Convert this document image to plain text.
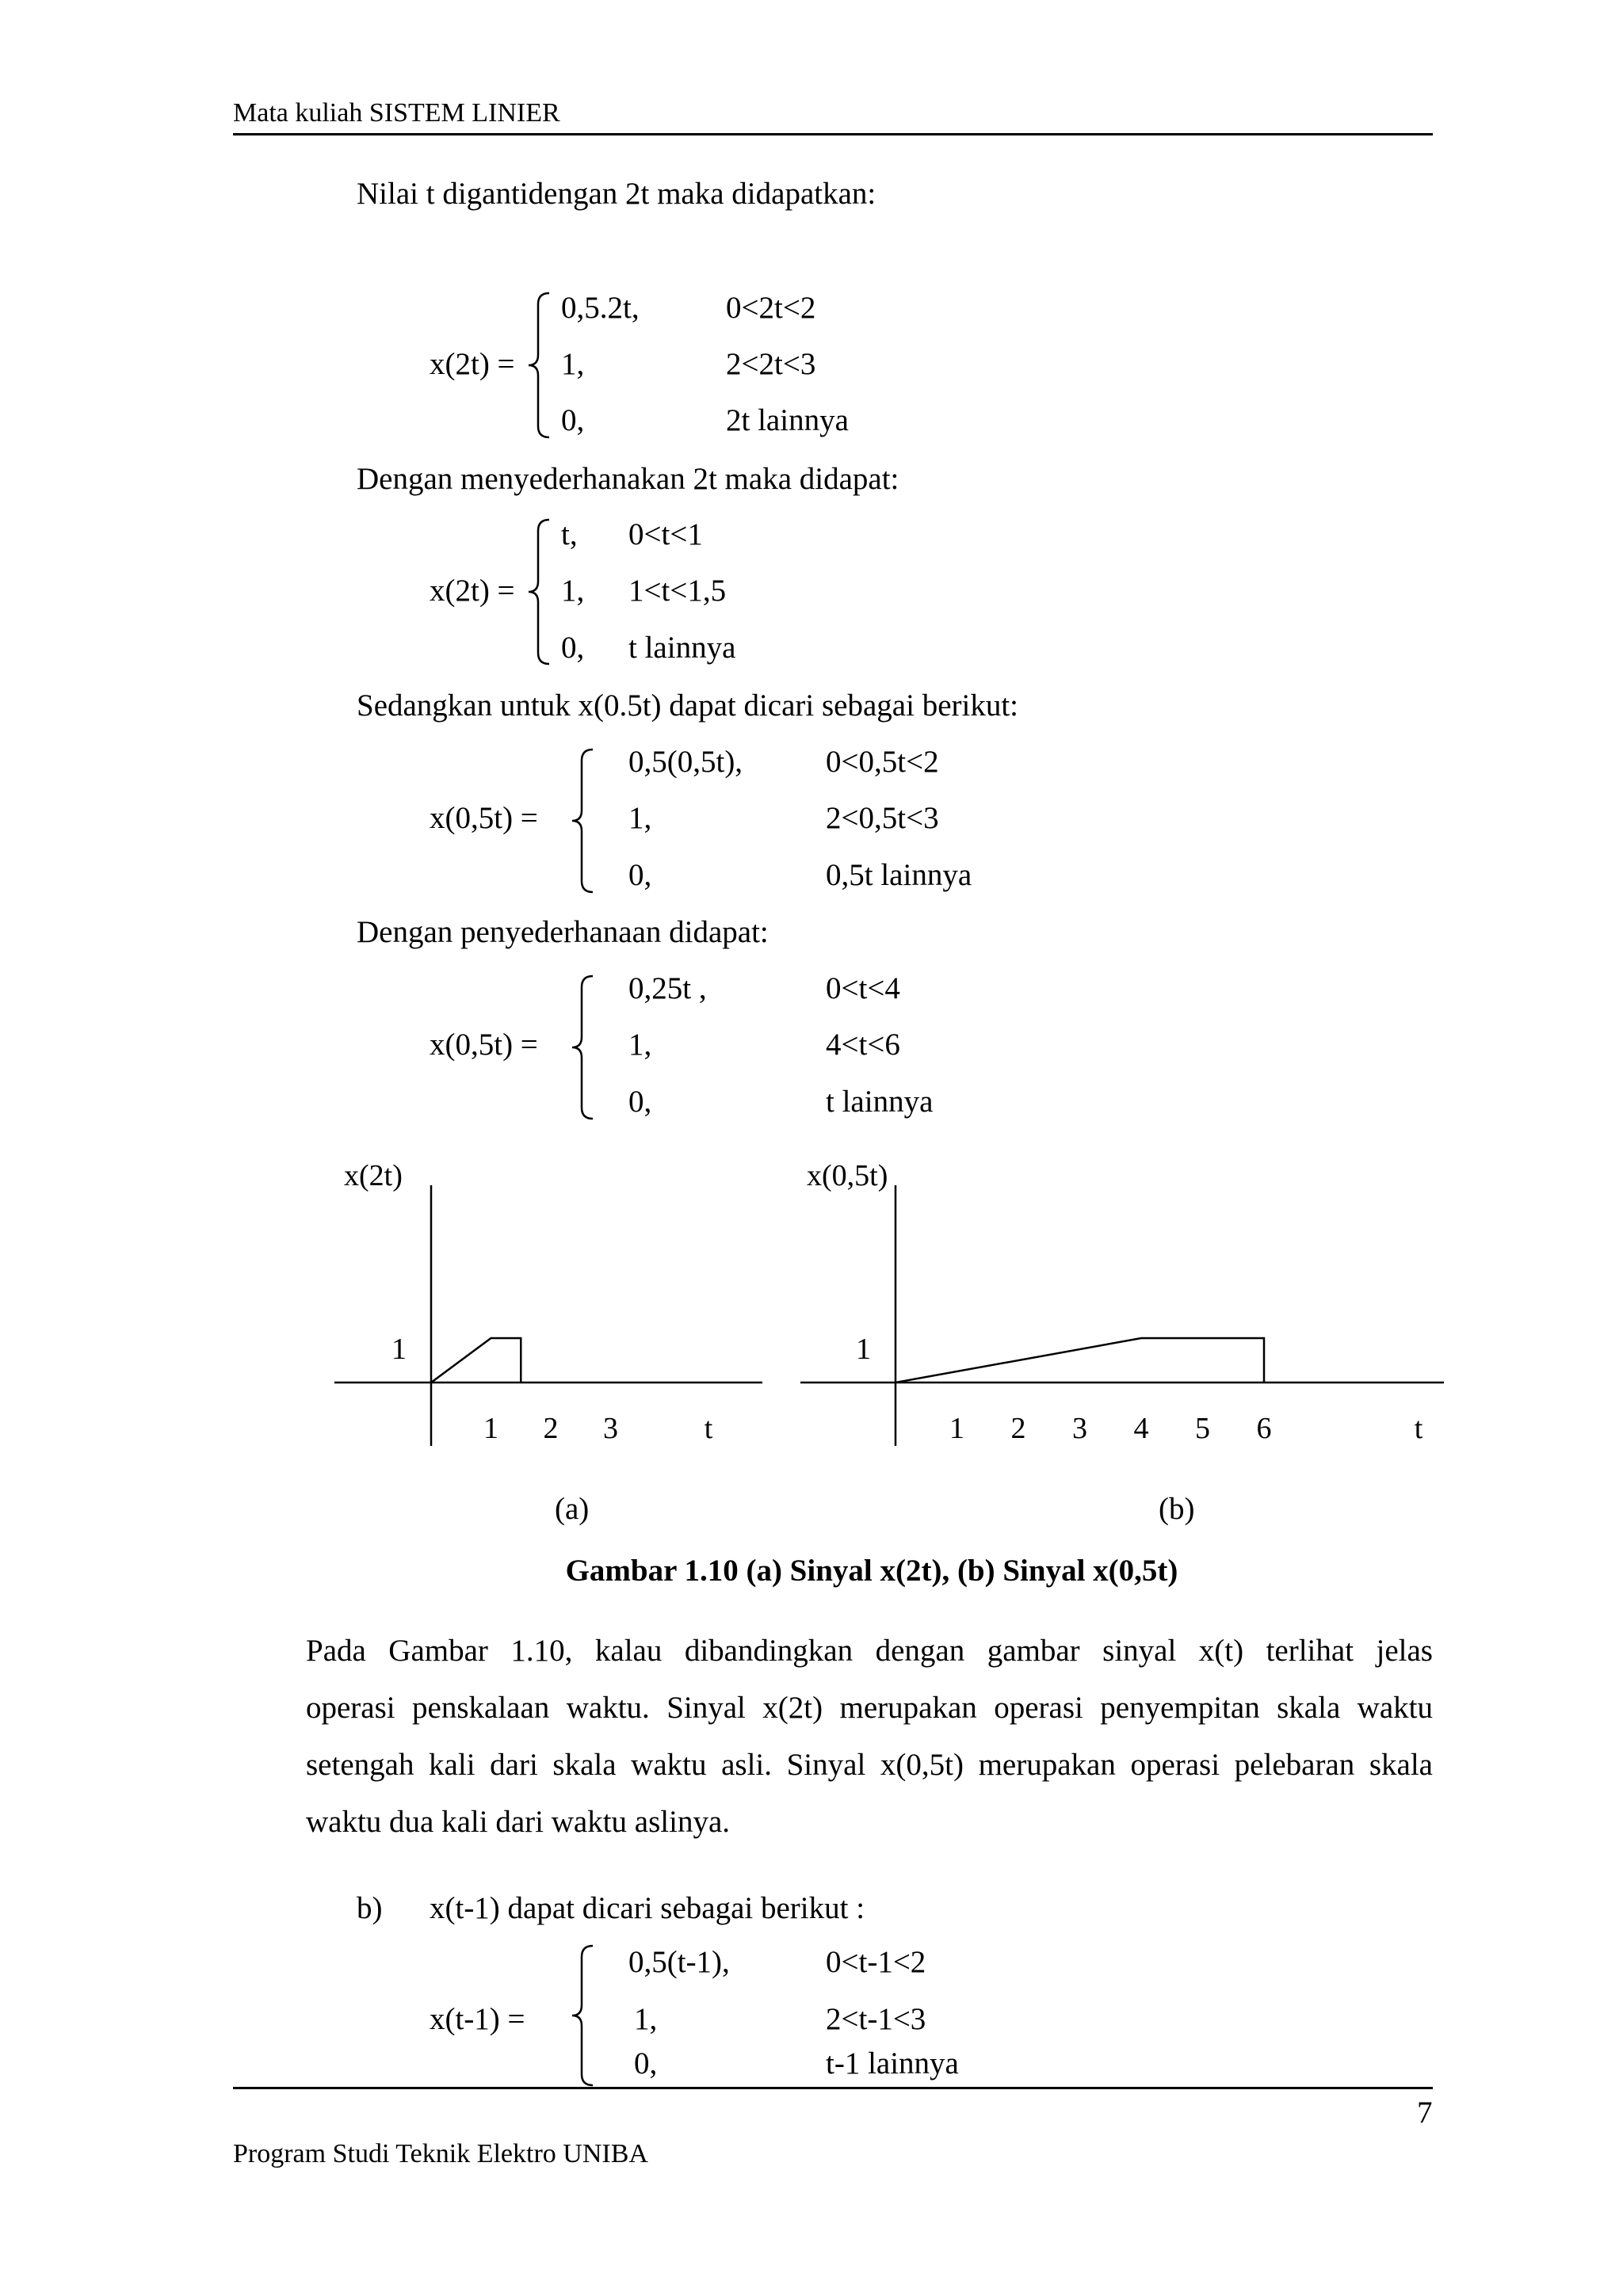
Mata kuliah SISTEM LINIER
Nilai t digantidengan 2t maka didapatkan:
x(2t) =
0,5.2t,	0<2t<2
1,	2<2t<3
0,	2t lainnya
Dengan menyederhanakan 2t maka didapat:
x(2t) =
t, 0<t<1
1, 1<t<1,5
0, t lainnya
Sedangkan untuk x(0.5t) dapat dicari sebagai berikut:
x(0,5t) =
0,5(0,5t),	0<0,5t<2
1,	2<0,5t<3
0,	0,5t lainnya
Dengan penyederhanaan didapat:
x(0,5t) =
0,25t ,	0<t<4
1,	4<t<6
0,	t lainnya
x(2t)
1
1 2 3	t
x(0,5t)
1
1 2 3 4 5 6	t
(a)	(b)
Gambar 1.10 (a) Sinyal x(2t), (b) Sinyal x(0,5t)
Pada Gambar 1.10, kalau dibandingkan dengan gambar sinyal x(t) terlihat jelas
operasi penskalaan waktu. Sinyal x(2t) merupakan operasi penyempitan skala waktu
setengah kali dari skala waktu asli. Sinyal x(0,5t) merupakan operasi pelebaran skala
waktu dua kali dari waktu aslinya.
b) x(t-1) dapat dicari sebagai berikut :
x(t-1) =
0,5(t-1),	0<t-1<2
1,	2<t-1<3
0,	t-1 lainnya
7
Program Studi Teknik Elektro UNIBA
